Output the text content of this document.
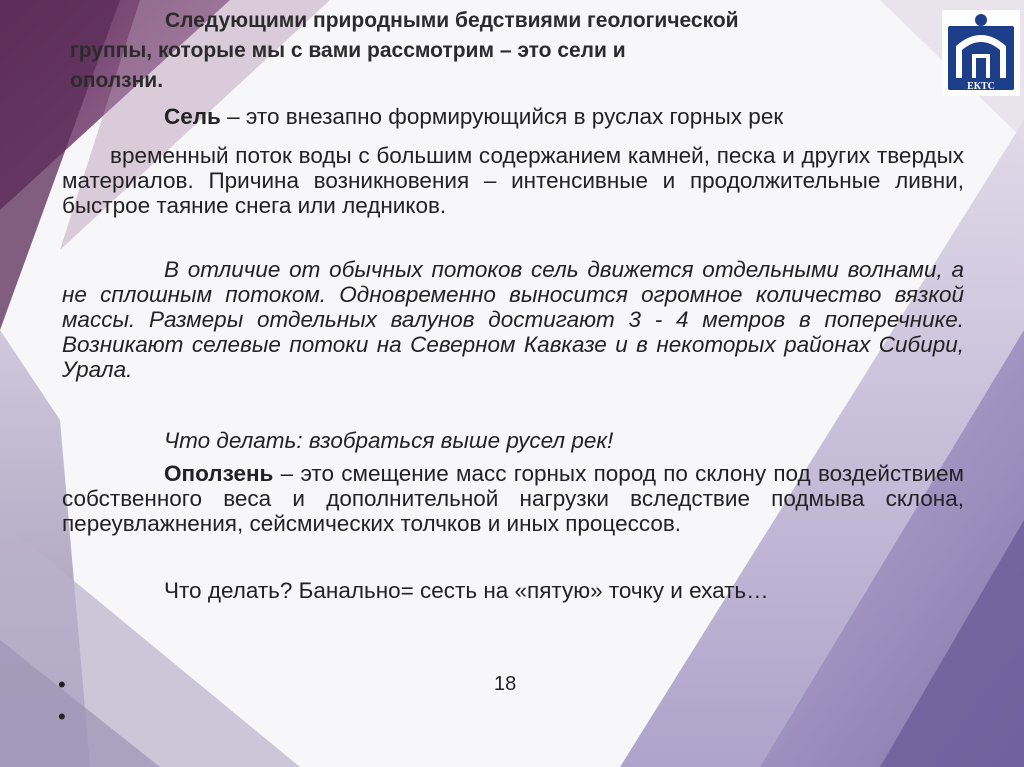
ЕКТС
Следующими природными бедствиями геологической
группы, которые мы с вами рассмотрим – это сели и
оползни.
Сель – это внезапно формирующийся в руслах горных рек

временный поток воды с большим содержанием камней, песка и других твердых материалов. Причина возникновения – интенсивные и продолжительные ливни, быстрое таяние снега или ледников.

В отличие от обычных потоков сель движется отдельными волнами, а не сплошным потоком. Одновременно выносится огромное количество вязкой массы. Размеры отдельных валунов достигают 3 - 4 метров в поперечнике. Возникают селевые потоки на Северном Кавказе и в некоторых районах Сибири, Урала.

Что делать: взобраться выше русел рек!

Оползень – это смещение масс горных пород по склону под воздействием собственного веса и дополнительной нагрузки вследствие подмыва склона, переувлажнения, сейсмических толчков и иных процессов.

Что делать? Банально= сесть на «пятую» точку и ехать…

•
•
18
